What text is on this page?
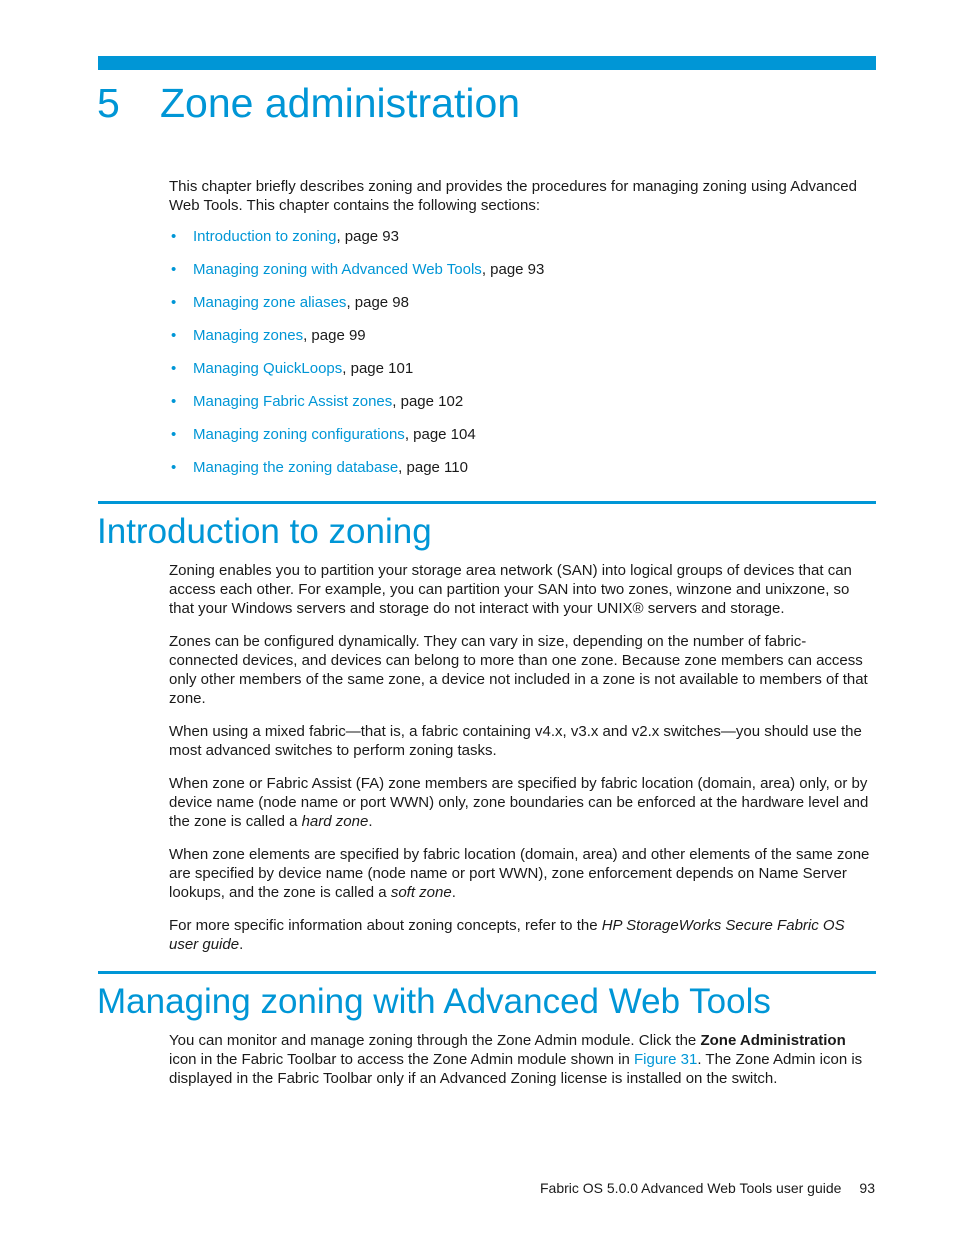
5 Zone administration

This chapter briefly describes zoning and provides the procedures for managing zoning using Advanced Web Tools. This chapter contains the following sections:

• Introduction to zoning, page 93
• Managing zoning with Advanced Web Tools, page 93
• Managing zone aliases, page 98
• Managing zones, page 99
• Managing QuickLoops, page 101
• Managing Fabric Assist zones, page 102
• Managing zoning configurations, page 104
• Managing the zoning database, page 110
Introduction to zoning

Zoning enables you to partition your storage area network (SAN) into logical groups of devices that can access each other. For example, you can partition your SAN into two zones, winzone and unixzone, so that your Windows servers and storage do not interact with your UNIX® servers and storage.

Zones can be configured dynamically. They can vary in size, depending on the number of fabric-connected devices, and devices can belong to more than one zone. Because zone members can access only other members of the same zone, a device not included in a zone is not available to members of that zone.

When using a mixed fabric—that is, a fabric containing v4.x, v3.x and v2.x switches—you should use the most advanced switches to perform zoning tasks.

When zone or Fabric Assist (FA) zone members are specified by fabric location (domain, area) only, or by device name (node name or port WWN) only, zone boundaries can be enforced at the hardware level and the zone is called a hard zone.

When zone elements are specified by fabric location (domain, area) and other elements of the same zone are specified by device name (node name or port WWN), zone enforcement depends on Name Server lookups, and the zone is called a soft zone.

For more specific information about zoning concepts, refer to the HP StorageWorks Secure Fabric OS user guide.

Managing zoning with Advanced Web Tools

You can monitor and manage zoning through the Zone Admin module. Click the Zone Administration icon in the Fabric Toolbar to access the Zone Admin module shown in Figure 31. The Zone Admin icon is displayed in the Fabric Toolbar only if an Advanced Zoning license is installed on the switch.

Fabric OS 5.0.0 Advanced Web Tools user guide 93
